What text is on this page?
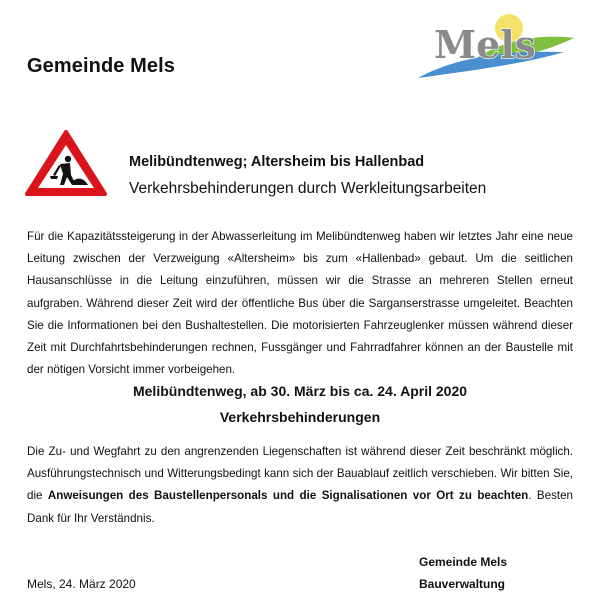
Gemeinde Mels	Mels
Melibündtenweg; Altersheim bis Hallenbad

Verkehrsbehinderungen durch Werkleitungsarbeiten

Für die Kapazitätssteigerung in der Abwasserleitung im Melibündtenweg haben wir letztes Jahr eine neue Leitung zwischen der Verzweigung «Altersheim» bis zum «Hallenbad» gebaut. Um die seitlichen Hausanschlüsse in die Leitung einzuführen, müssen wir die Strasse an mehreren Stellen erneut aufgraben. Während dieser Zeit wird der öffentliche Bus über die Sarganserstrasse umgeleitet. Beachten Sie die Informationen bei den Bushaltestellen. Die motorisierten Fahrzeuglenker müssen während dieser Zeit mit Durchfahrtsbehinderungen rechnen, Fussgänger und Fahrradfahrer können an der Baustelle mit der nötigen Vorsicht immer vorbeigehen.

Melibündtenweg, ab 30. März bis ca. 24. April 2020

Verkehrsbehinderungen

Die Zu- und Wegfahrt zu den angrenzenden Liegenschaften ist während dieser Zeit beschränkt möglich. Ausführungstechnisch und Witterungsbedingt kann sich der Bauablauf zeitlich verschieben. Wir bitten Sie, die Anweisungen des Baustellenpersonals und die Signalisationen vor Ort zu beachten. Besten Dank für Ihr Verständnis.

Mels, 24. März 2020

Gemeinde Mels

Bauverwaltung
